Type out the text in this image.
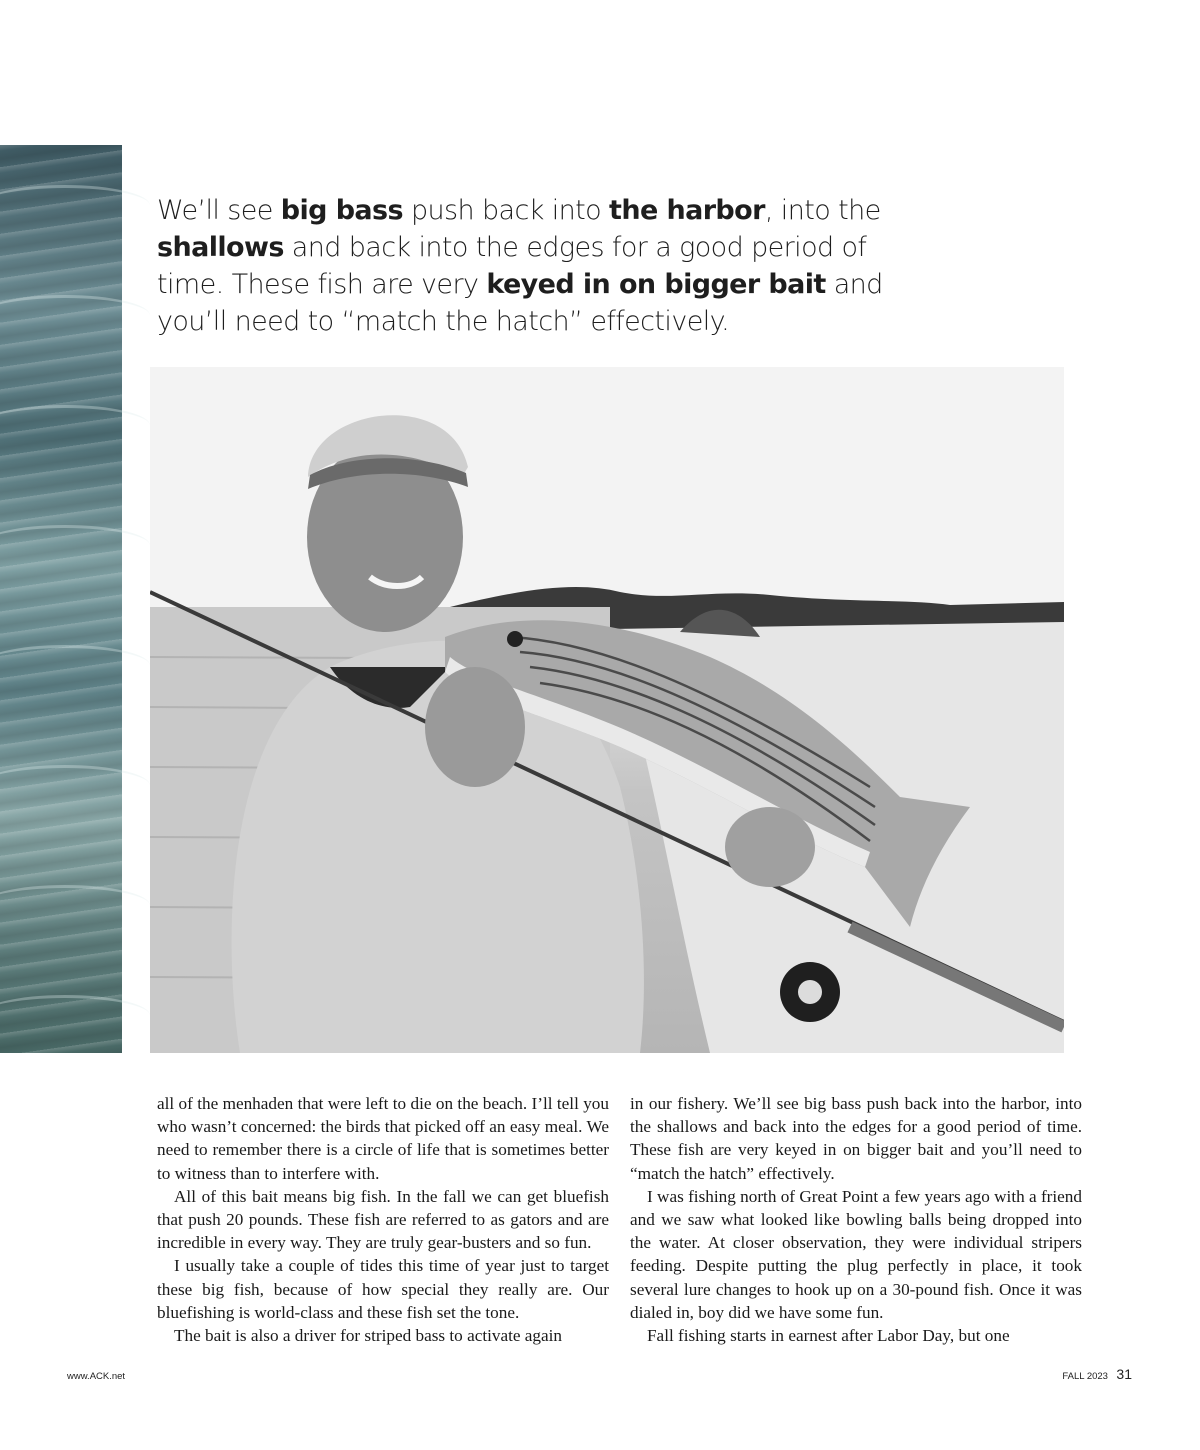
We’ll see big bass push back into the harbor, into the shallows and back into the edges for a good period of time. These fish are very keyed in on bigger bait and you’ll need to “match the hatch” effectively.

all of the menhaden that were left to die on the beach. I’ll tell you who wasn’t concerned: the birds that picked off an easy meal. We need to remember there is a circle of life that is sometimes better to witness than to interfere with.

All of this bait means big fish. In the fall we can get bluefish that push 20 pounds. These fish are referred to as gators and are incredible in every way. They are truly gear-busters and so fun.

I usually take a couple of tides this time of year just to target these big fish, because of how special they really are. Our bluefishing is world-class and these fish set the tone.

The bait is also a driver for striped bass to activate again

in our fishery. We’ll see big bass push back into the harbor, into the shallows and back into the edges for a good period of time. These fish are very keyed in on bigger bait and you’ll need to “match the hatch” effectively.

I was fishing north of Great Point a few years ago with a friend and we saw what looked like bowling balls being dropped into the water. At closer observation, they were individual stripers feeding. Despite putting the plug perfectly in place, it took several lure changes to hook up on a 30-pound fish. Once it was dialed in, boy did we have some fun.

Fall fishing starts in earnest after Labor Day, but one

www.ACK.net	FALL 2023 31
